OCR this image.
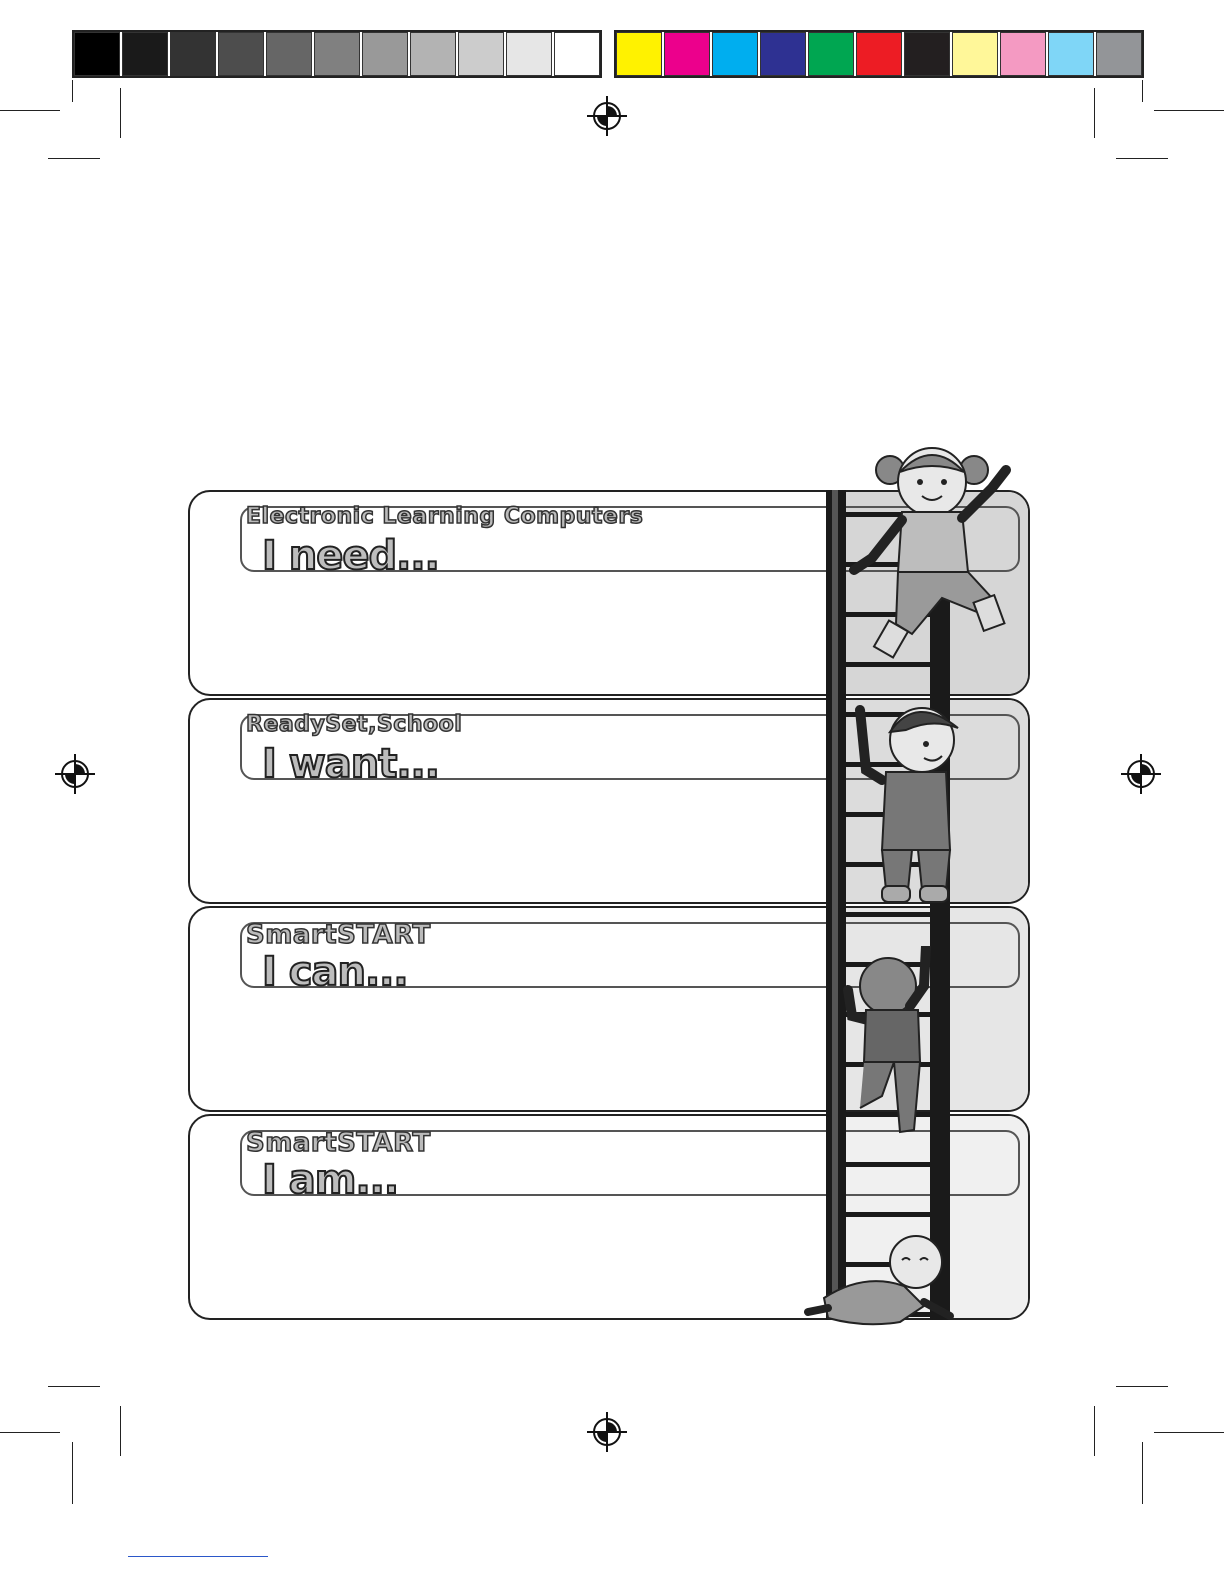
Electronic Learning Computers
I need...
ReadySet,School
I want...
SmartSTART
I can...
SmartSTART
I am...
